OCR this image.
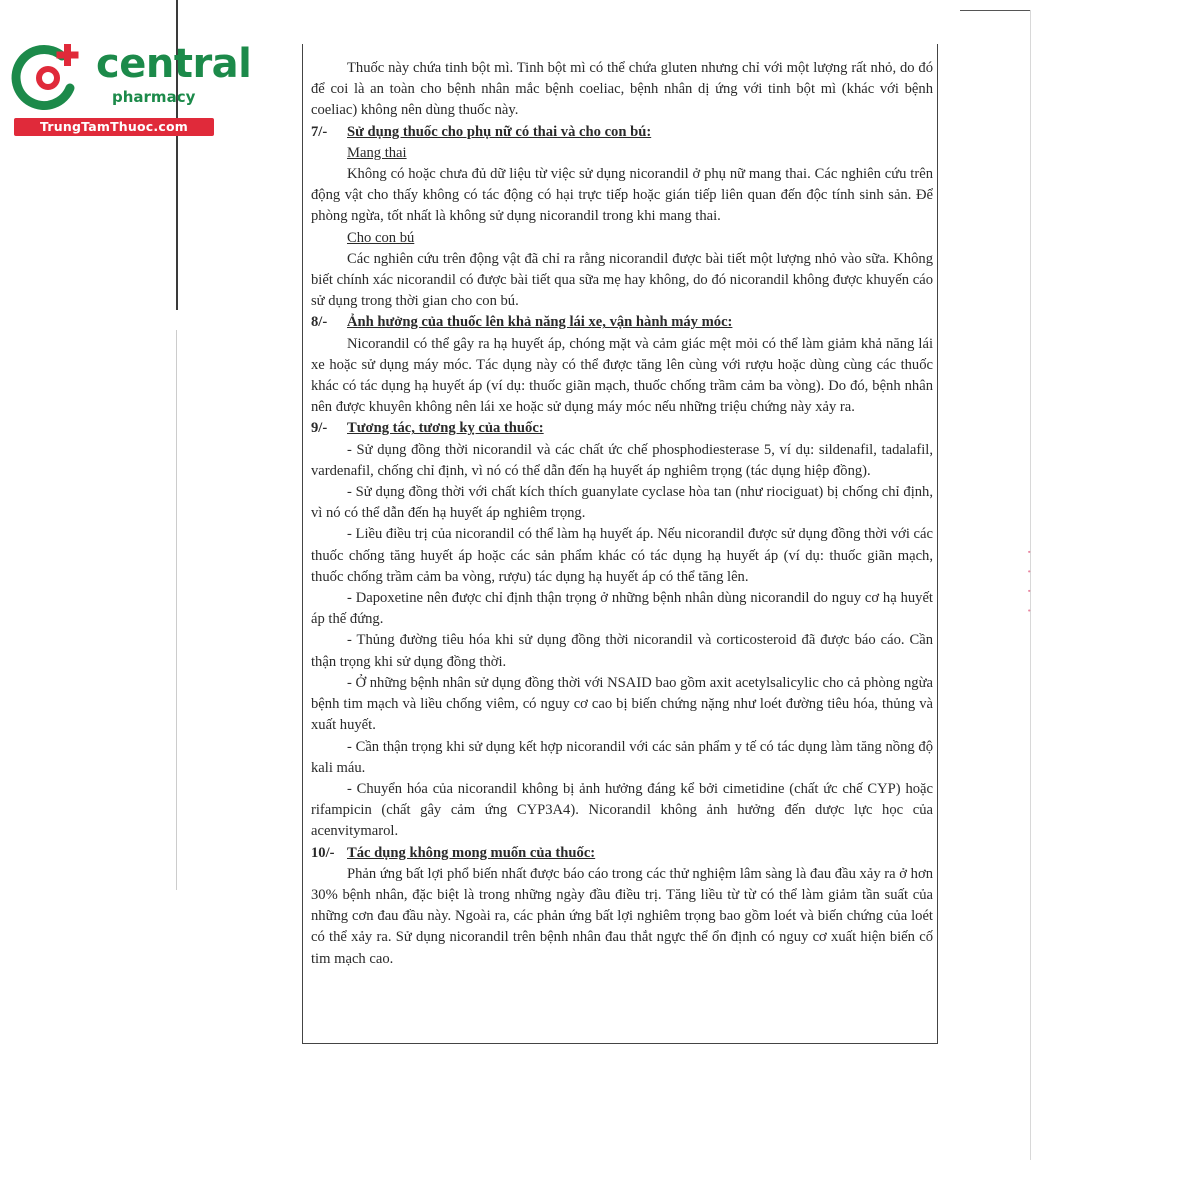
ꞏ ꞏ ꞏ ꞏ
central
pharmacy
TrungTamThuoc.com

Thuốc này chứa tinh bột mì. Tinh bột mì có thể chứa gluten nhưng chỉ với một lượng rất nhỏ, do đó để coi là an toàn cho bệnh nhân mắc bệnh coeliac, bệnh nhân dị ứng với tinh bột mì (khác với bệnh coeliac) không nên dùng thuốc này.

7/- Sử dụng thuốc cho phụ nữ có thai và cho con bú:

Mang thai

Không có hoặc chưa đủ dữ liệu từ việc sử dụng nicorandil ở phụ nữ mang thai. Các nghiên cứu trên động vật cho thấy không có tác động có hại trực tiếp hoặc gián tiếp liên quan đến độc tính sinh sản. Để phòng ngừa, tốt nhất là không sử dụng nicorandil trong khi mang thai.

Cho con bú

Các nghiên cứu trên động vật đã chỉ ra rằng nicorandil được bài tiết một lượng nhỏ vào sữa. Không biết chính xác nicorandil có được bài tiết qua sữa mẹ hay không, do đó nicorandil không được khuyến cáo sử dụng trong thời gian cho con bú.

8/- Ảnh hưởng của thuốc lên khả năng lái xe, vận hành máy móc:

Nicorandil có thể gây ra hạ huyết áp, chóng mặt và cảm giác mệt mỏi có thể làm giảm khả năng lái xe hoặc sử dụng máy móc. Tác dụng này có thể được tăng lên cùng với rượu hoặc dùng cùng các thuốc khác có tác dụng hạ huyết áp (ví dụ: thuốc giãn mạch, thuốc chống trầm cảm ba vòng). Do đó, bệnh nhân nên được khuyên không nên lái xe hoặc sử dụng máy móc nếu những triệu chứng này xảy ra.

9/- Tương tác, tương kỵ của thuốc:

- Sử dụng đồng thời nicorandil và các chất ức chế phosphodiesterase 5, ví dụ: sildenafil, tadalafil, vardenafil, chống chỉ định, vì nó có thể dẫn đến hạ huyết áp nghiêm trọng (tác dụng hiệp đồng).

- Sử dụng đồng thời với chất kích thích guanylate cyclase hòa tan (như riociguat) bị chống chỉ định, vì nó có thể dẫn đến hạ huyết áp nghiêm trọng.

- Liều điều trị của nicorandil có thể làm hạ huyết áp. Nếu nicorandil được sử dụng đồng thời với các thuốc chống tăng huyết áp hoặc các sản phẩm khác có tác dụng hạ huyết áp (ví dụ: thuốc giãn mạch, thuốc chống trầm cảm ba vòng, rượu) tác dụng hạ huyết áp có thể tăng lên.

- Dapoxetine nên được chỉ định thận trọng ở những bệnh nhân dùng nicorandil do nguy cơ hạ huyết áp thế đứng.

- Thủng đường tiêu hóa khi sử dụng đồng thời nicorandil và corticosteroid đã được báo cáo. Cần thận trọng khi sử dụng đồng thời.

- Ở những bệnh nhân sử dụng đồng thời với NSAID bao gồm axit acetylsalicylic cho cả phòng ngừa bệnh tim mạch và liều chống viêm, có nguy cơ cao bị biến chứng nặng như loét đường tiêu hóa, thủng và xuất huyết.

- Cần thận trọng khi sử dụng kết hợp nicorandil với các sản phẩm y tế có tác dụng làm tăng nồng độ kali máu.

- Chuyển hóa của nicorandil không bị ảnh hưởng đáng kể bởi cimetidine (chất ức chế CYP) hoặc rifampicin (chất gây cảm ứng CYP3A4). Nicorandil không ảnh hưởng đến dược lực học của acenvitymarol.

10/- Tác dụng không mong muốn của thuốc:

Phản ứng bất lợi phổ biến nhất được báo cáo trong các thử nghiệm lâm sàng là đau đầu xảy ra ở hơn 30% bệnh nhân, đặc biệt là trong những ngày đầu điều trị. Tăng liều từ từ có thể làm giảm tần suất của những cơn đau đầu này. Ngoài ra, các phản ứng bất lợi nghiêm trọng bao gồm loét và biến chứng của loét có thể xảy ra. Sử dụng nicorandil trên bệnh nhân đau thắt ngực thể ổn định có nguy cơ xuất hiện biến cố tim mạch cao.
